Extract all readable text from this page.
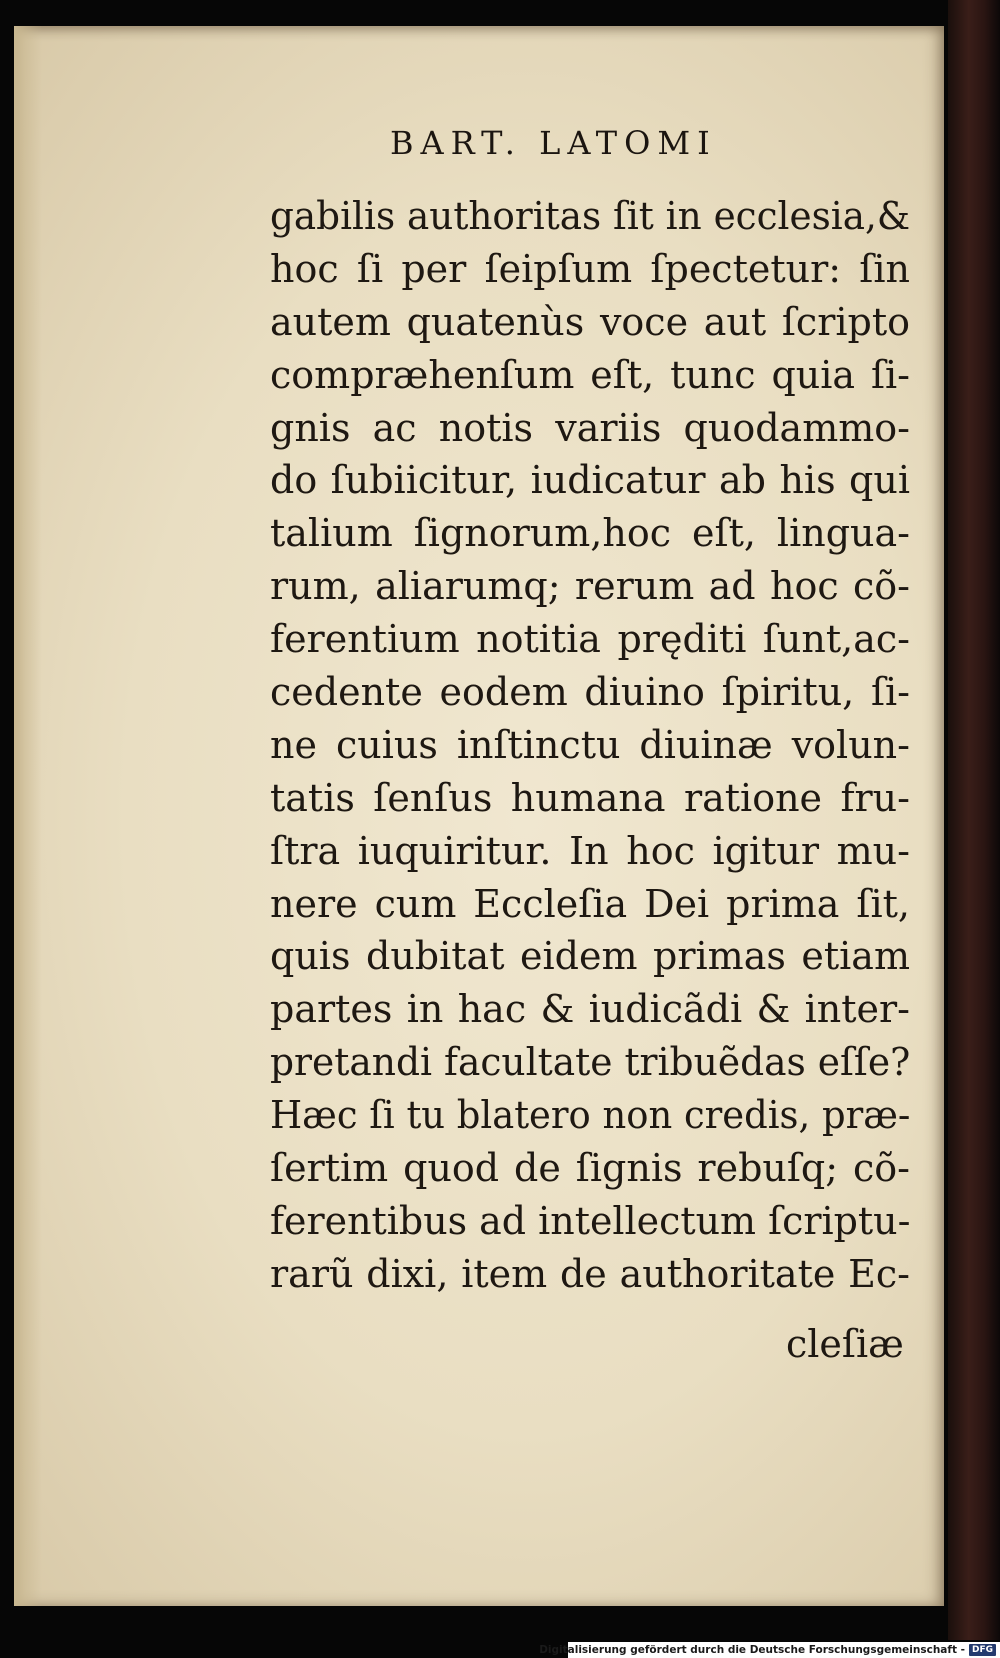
BART. LATOMI
gabilis authoritas ſit in ecclesia,&
hoc ſi per ſeipſum ſpectetur: ſin
autem quatenùs voce aut ſcripto
compræhenſum eſt, tunc quia ſi-
gnis ac notis variis quodammo-
do ſubiicitur, iudicatur ab his qui
talium ſignorum,hoc eſt, lingua-
rum, aliarumq; rerum ad hoc cõ-
ferentium notitia pręditi ſunt,ac-
cedente eodem diuino ſpiritu, ſi-
ne cuius inſtinctu diuinæ volun-
tatis ſenſus humana ratione fru-
ſtra iuquiritur. In hoc igitur mu-
nere cum Eccleſia Dei prima ſit,
quis dubitat eidem primas etiam
partes in hac & iudicãdi & inter-
pretandi facultate tribuẽdas eſſe?
Hæc ſi tu blatero non credis, præ-
ſertim quod de ſignis rebuſq; cõ-
ferentibus ad intellectum ſcriptu-
rarũ dixi, item de authoritate Ec-
cleſiæ
Digitalisierung gefördert durch die Deutsche Forschungsgemeinschaft - DFG
